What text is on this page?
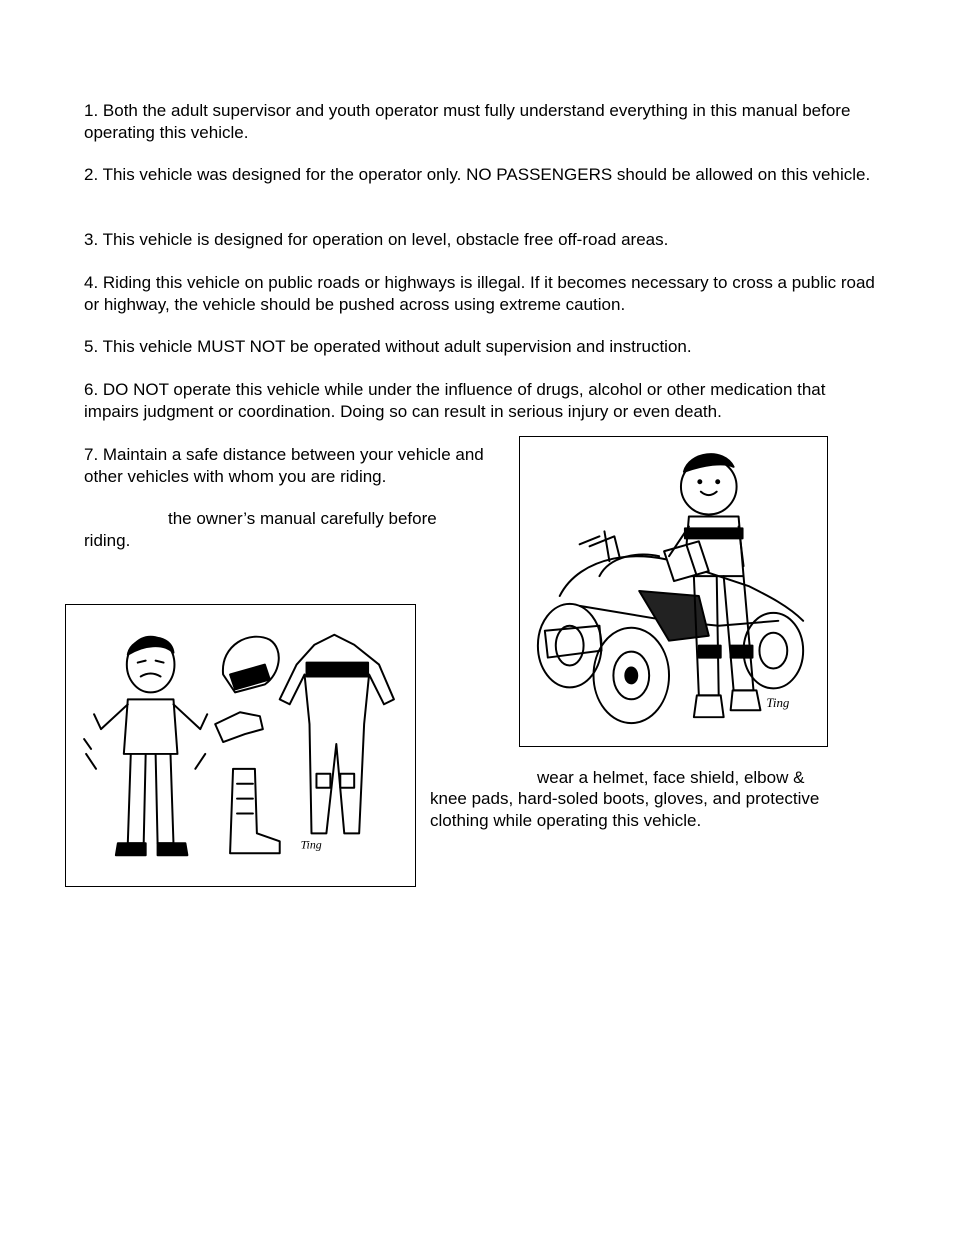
1. Both the adult supervisor and youth operator must fully understand everything in this manual before operating this vehicle.

2. This vehicle was designed for the operator only. NO PASSENGERS should be allowed on this vehicle.

3. This vehicle is designed for operation on level, obstacle free off-road areas.

4. Riding this vehicle on public roads or highways is illegal. If it becomes necessary to cross a public road or highway, the vehicle should be pushed across using extreme caution.

5. This vehicle MUST NOT be operated without adult supervision and instruction.

6. DO NOT operate this vehicle while under the influence of drugs, alcohol or other medication that impairs judgment or coordination. Doing so can result in serious injury or even death.

7. Maintain a safe distance between your vehicle and other vehicles with whom you are riding.

the owner’s manual carefully before

riding.

wear a helmet, face shield, elbow &

knee pads, hard-soled boots, gloves, and protective clothing while operating this vehicle.

Ting
Ting
